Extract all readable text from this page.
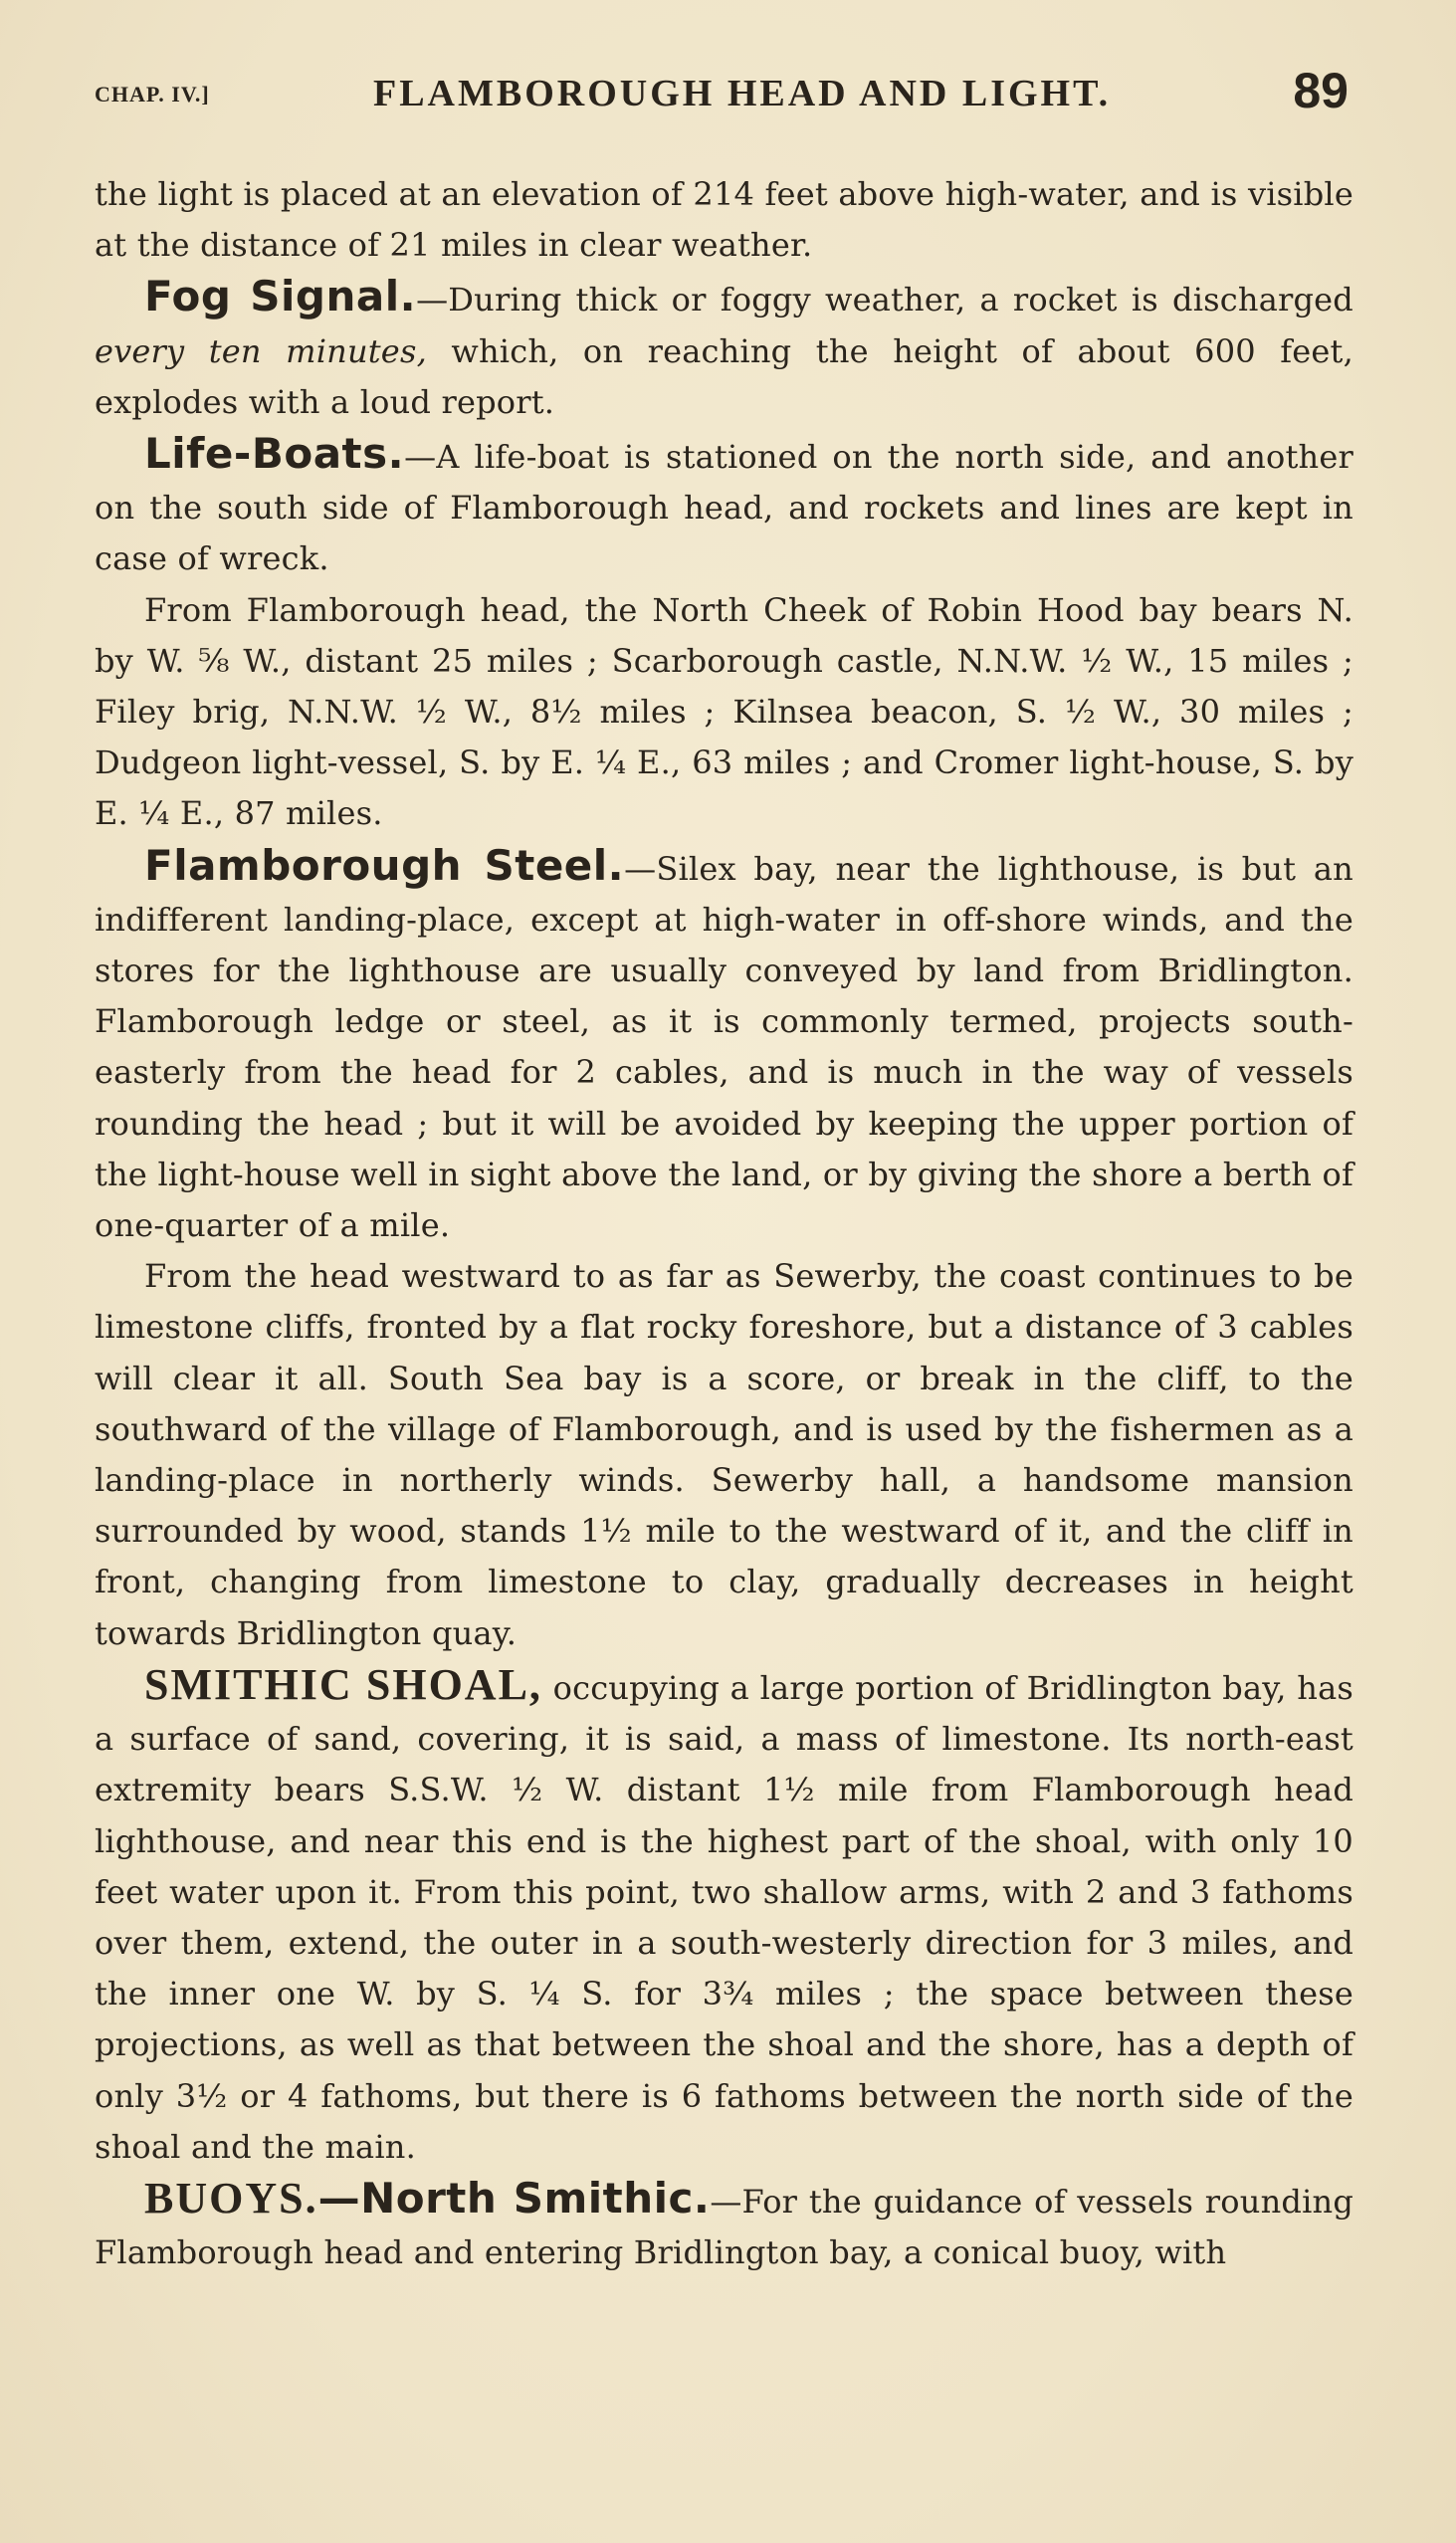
CHAP. IV.]	FLAMBOROUGH HEAD AND LIGHT.	89

the light is placed at an elevation of 214 feet above high-water, and is visible at the distance of 21 miles in clear weather.

Fog Signal.—During thick or foggy weather, a rocket is discharged every ten minutes, which, on reaching the height of about 600 feet, explodes with a loud report.

Life-Boats.—A life-boat is stationed on the north side, and another on the south side of Flamborough head, and rockets and lines are kept in case of wreck.

From Flamborough head, the North Cheek of Robin Hood bay bears N. by W. ⅝ W., distant 25 miles ; Scarborough castle, N.N.W. ½ W., 15 miles ; Filey brig, N.N.W. ½ W., 8½ miles ; Kilnsea beacon, S. ½ W., 30 miles ; Dudgeon light-vessel, S. by E. ¼ E., 63 miles ; and Cromer light-house, S. by E. ¼ E., 87 miles.

Flamborough Steel.—Silex bay, near the lighthouse, is but an indifferent landing-place, except at high-water in off-shore winds, and the stores for the lighthouse are usually conveyed by land from Bridlington. Flamborough ledge or steel, as it is commonly termed, projects south-easterly from the head for 2 cables, and is much in the way of vessels rounding the head ; but it will be avoided by keeping the upper portion of the light-house well in sight above the land, or by giving the shore a berth of one-quarter of a mile.

From the head westward to as far as Sewerby, the coast continues to be limestone cliffs, fronted by a flat rocky foreshore, but a distance of 3 cables will clear it all. South Sea bay is a score, or break in the cliff, to the southward of the village of Flamborough, and is used by the fishermen as a landing-place in northerly winds. Sewerby hall, a handsome mansion surrounded by wood, stands 1½ mile to the westward of it, and the cliff in front, changing from limestone to clay, gradually decreases in height towards Bridlington quay.

SMITHIC SHOAL, occupying a large portion of Bridlington bay, has a surface of sand, covering, it is said, a mass of limestone. Its north-east extremity bears S.S.W. ½ W. distant 1½ mile from Flamborough head lighthouse, and near this end is the highest part of the shoal, with only 10 feet water upon it. From this point, two shallow arms, with 2 and 3 fathoms over them, extend, the outer in a south-westerly direction for 3 miles, and the inner one W. by S. ¼ S. for 3¾ miles ; the space between these projections, as well as that between the shoal and the shore, has a depth of only 3½ or 4 fathoms, but there is 6 fathoms between the north side of the shoal and the main.

BUOYS.—North Smithic.—For the guidance of vessels rounding Flamborough head and entering Bridlington bay, a conical buoy, with
